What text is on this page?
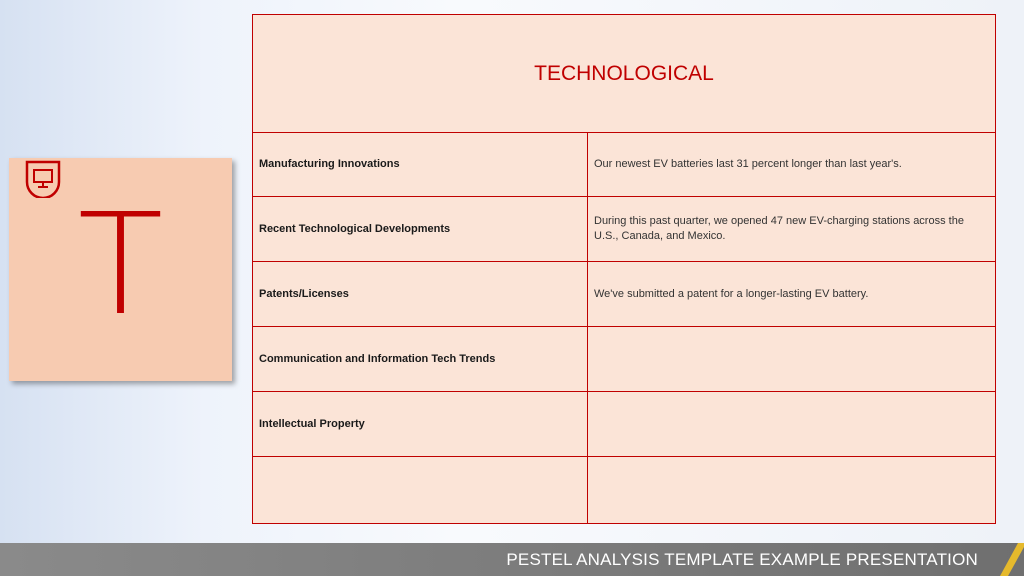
T
TECHNOLOGICAL
Manufacturing Innovations	Our newest EV batteries last 31 percent longer than last year's.
Recent Technological Developments
During this past quarter, we opened 47 new EV-charging stations across the U.S., Canada, and Mexico.
Patents/Licenses	We've submitted a patent for a longer-lasting EV battery.
Communication and Information Tech Trends
Intellectual Property
PESTEL ANALYSIS TEMPLATE EXAMPLE PRESENTATION
